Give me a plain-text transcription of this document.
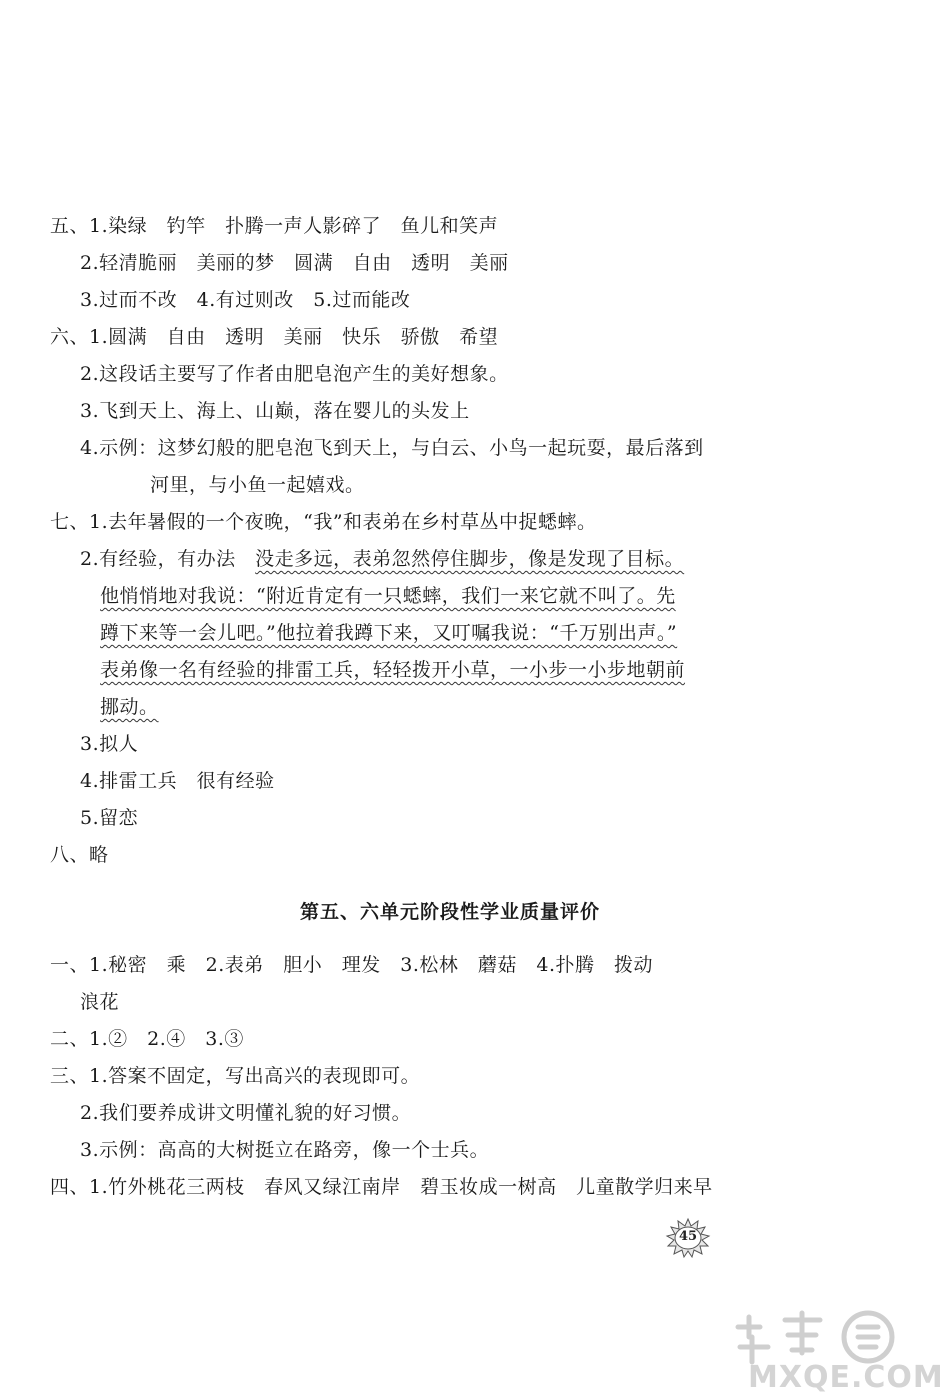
五、1.染绿　钓竿　扑腾一声人影碎了　鱼儿和笑声
2.轻清脆丽　美丽的梦　圆满　自由　透明　美丽
3.过而不改　4.有过则改　5.过而能改
六、1.圆满　自由　透明　美丽　快乐　骄傲　希望
2.这段话主要写了作者由肥皂泡产生的美好想象。
3.飞到天上、海上、山巅，落在婴儿的头发上
4.示例：这梦幻般的肥皂泡飞到天上，与白云、小鸟一起玩耍，最后落到
河里，与小鱼一起嬉戏。
七、1.去年暑假的一个夜晚，“我”和表弟在乡村草丛中捉蟋蟀。
2.有经验，有办法　没走多远，表弟忽然停住脚步，像是发现了目标。
他悄悄地对我说：“附近肯定有一只蟋蟀，我们一来它就不叫了。先
蹲下来等一会儿吧。”他拉着我蹲下来，又叮嘱我说：“千万别出声。”
表弟像一名有经验的排雷工兵，轻轻拨开小草，一小步一小步地朝前
挪动。
3.拟人
4.排雷工兵　很有经验
5.留恋
八、略
第五、六单元阶段性学业质量评价
一、1.秘密　乘　2.表弟　胆小　理发　3.松林　蘑菇　4.扑腾　拨动
浪花
二、1.②　2.④　3.③
三、1.答案不固定，写出高兴的表现即可。
2.我们要养成讲文明懂礼貌的好习惯。
3.示例：高高的大树挺立在路旁，像一个士兵。
四、1.竹外桃花三两枝　春风又绿江南岸　碧玉妆成一树高　儿童散学归来早
45
MXQE.COM
